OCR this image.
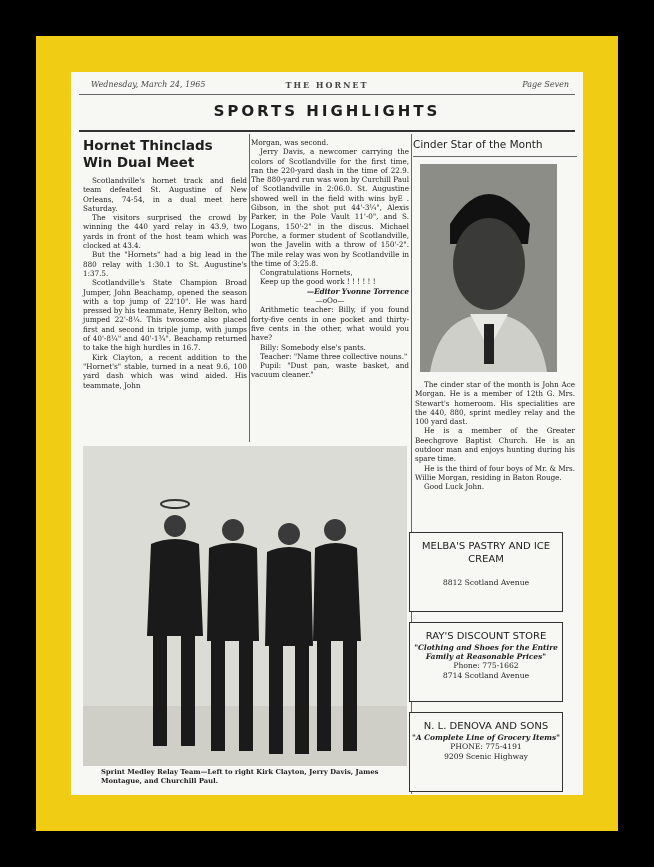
Wednesday, March 24, 1965	THE HORNET	Page Seven
SPORTS HIGHLIGHTS
Hornet Thinclads
Win Dual Meet

Scotlandville's hornet track and field team defeated St. Augustine of New Orleans, 74-54, in a dual meet here Saturday.

The visitors surprised the crowd by winning the 440 yard relay in 43.9, two yards in front of the host team which was clocked at 43.4.

But the "Hornets" had a big lead in the 880 relay with 1:30.1 to St. Augustine's 1:37.5.

Scotlandville's State Champion Broad Jumper, John Beachamp, opened the season with a top jump of 22'10". He was hard pressed by his teammate, Henry Belton, who jumped 22'-8¼. This twosome also placed first and second in triple jump, with jumps of 40'-8¼" and 40'-1¾". Beachamp returned to take the high hurdles in 16.7.

Kirk Clayton, a recent addition to the "Hornet's" stable, turned in a neat 9.6, 100 yard dash which was wind aided. His teammate, John

Morgan, was second.

Jerry Davis, a newcomer carrying the colors of Scotlandville for the first time, ran the 220-yard dash in the time of 22.9. The 880-yard run was won by Curchill Paul of Scotlandville in 2:06.0. St. Augustine showed well in the field with wins byE . Gibson, in the shot put 44'-3¼", Alexis Parker, in the Pole Vault 11'-0", and S. Logans, 150'-2" in the discus. Michael Porche, a former student of Scotlandville, won the Javelin with a throw of 150'-2". The mile relay was won by Scotlandville in the time of 3:25.8.

Congratulations Hornets,

Keep up the good work ! ! ! ! ! !

—Editor Yvonne Torrence

—oOo—

Arithmetic teacher: Billy, if you found forty-five cents in one pocket and thirty-five cents in the other, what would you have?

Billy: Somebody else's pants.

Teacher: "Name three collective nouns."

Pupil: "Dust pan, waste basket, and vacuum cleaner."

Sprint Medley Relay Team—Left to right Kirk Clayton, Jerry Davis, James Montague, and Churchill Paul.
Cinder Star of the Month

The cinder star of the month is John Ace Morgan. He is a member of 12th G. Mrs. Stewart's homeroom. His specialities are the 440, 880, sprint medley relay and the 100 yard dast.

He is a member of the Greater Beechgrove Baptist Church. He is an outdoor man and enjoys hunting during his spare time.

He is the third of four boys of Mr. & Mrs. Willie Morgan, residing in Baton Rouge.

Good Luck John.

MELBA'S PASTRY AND ICE CREAM
8812 Scotland Avenue
RAY'S DISCOUNT STORE
"Clothing and Shoes for the Entire Family at Reasonable Prices"
Phone: 775-1662
8714 Scotland Avenue
N. L. DENOVA AND SONS
"A Complete Line of Grocery Items"
PHONE: 775-4191
9209 Scenic Highway
